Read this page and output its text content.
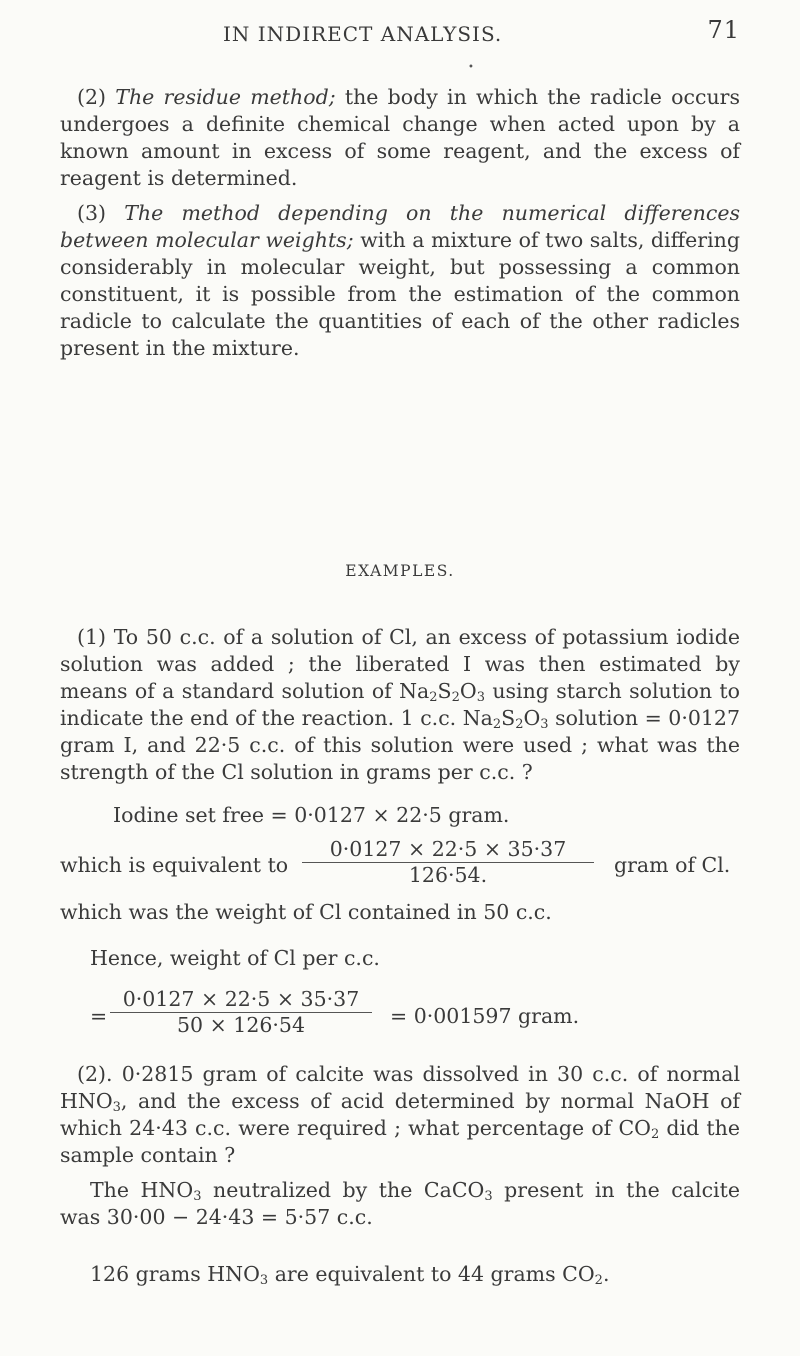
IN INDIRECT ANALYSIS.	71
•

(2) The residue method; the body in which the radicle occurs undergoes a definite chemical change when acted upon by a known amount in excess of some reagent, and the excess of reagent is determined.

(3) The method depending on the numerical differences between molecular weights; with a mixture of two salts, differing considerably in molecular weight, but possessing a common constituent, it is possible from the estimation of the common radicle to calculate the quantities of each of the other radicles present in the mixture.

EXAMPLES.

(1) To 50 c.c. of a solution of Cl, an excess of potassium iodide solution was added ; the liberated I was then estimated by means of a standard solution of $Na_2S_2O_3$ using starch solution to indicate the end of the reaction. 1 c.c. $Na_2S_2O_3$ solution = 0·0127 gram I, and 22·5 c.c. of this solution were used ; what was the strength of the Cl solution in grams per c.c. ?

Iodine set free = 0·0127 × 22·5 gram.
which is equivalent to
0·0127 × 22·5 × 35·37
126·54.	gram of Cl.
which was the weight of Cl contained in 50 c.c.
Hence, weight of Cl per c.c.
=
0·0127 × 22·5 × 35·37
50 × 126·54	= 0·001597 gram.

(2). 0·2815 gram of calcite was dissolved in 30 c.c. of normal $HNO_3$, and the excess of acid determined by normal NaOH of which 24·43 c.c. were required ; what percentage of $CO_2$ did the sample contain ?

The $HNO_3$ neutralized by the CaCO$_3$ present in the calcite was 30·00 − 24·43 = 5·57 c.c.

126 grams $HNO_3$ are equivalent to 44 grams $CO_2$.
